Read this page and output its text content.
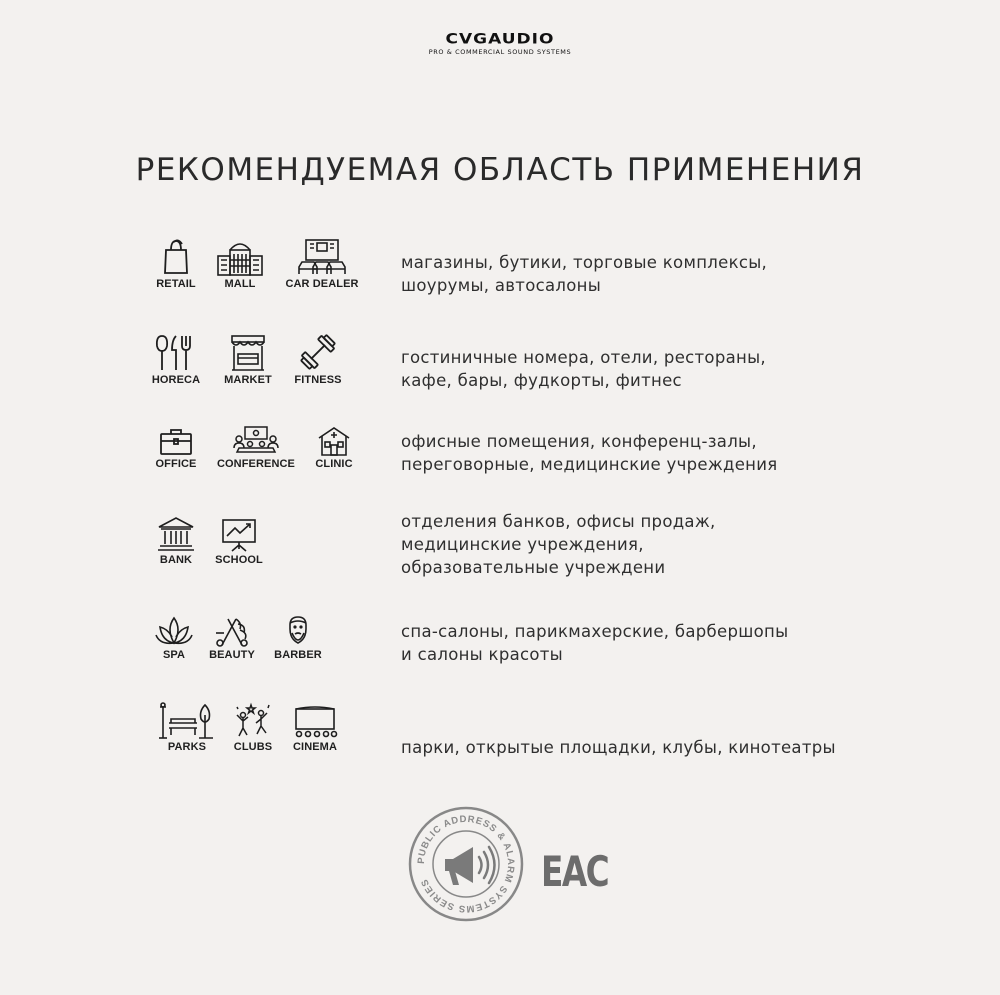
CVGAUDIO
PRO & COMMERCIAL SOUND SYSTEMS
РЕКОМЕНДУЕМАЯ ОБЛАСТЬ ПРИМЕНЕНИЯ
RETAIL	MALL	CAR DEALER
магазины, бутики, торговые комплексы,
шоурумы, автосалоны
HORECA	MARKET	FITNESS
гостиничные номера, отели, рестораны,
кафе, бары, фудкорты, фитнес
OFFICE	CONFERENCE	CLINIC
офисные помещения, конференц-залы,
переговорные, медицинские учреждения
BANK	SCHOOL
отделения банков, офисы продаж,
медицинские учреждения,
образовательные учреждени
SPA	BEAUTY	BARBER
спа-салоны, парикмахерские, барбершопы
и салоны красоты
PARKS	CLUBS	CINEMA	парки, открытые площадки, клубы, кинотеатры
PUBLIC ADDRESS & ALARM SYSTEMS SERIES	EAC
